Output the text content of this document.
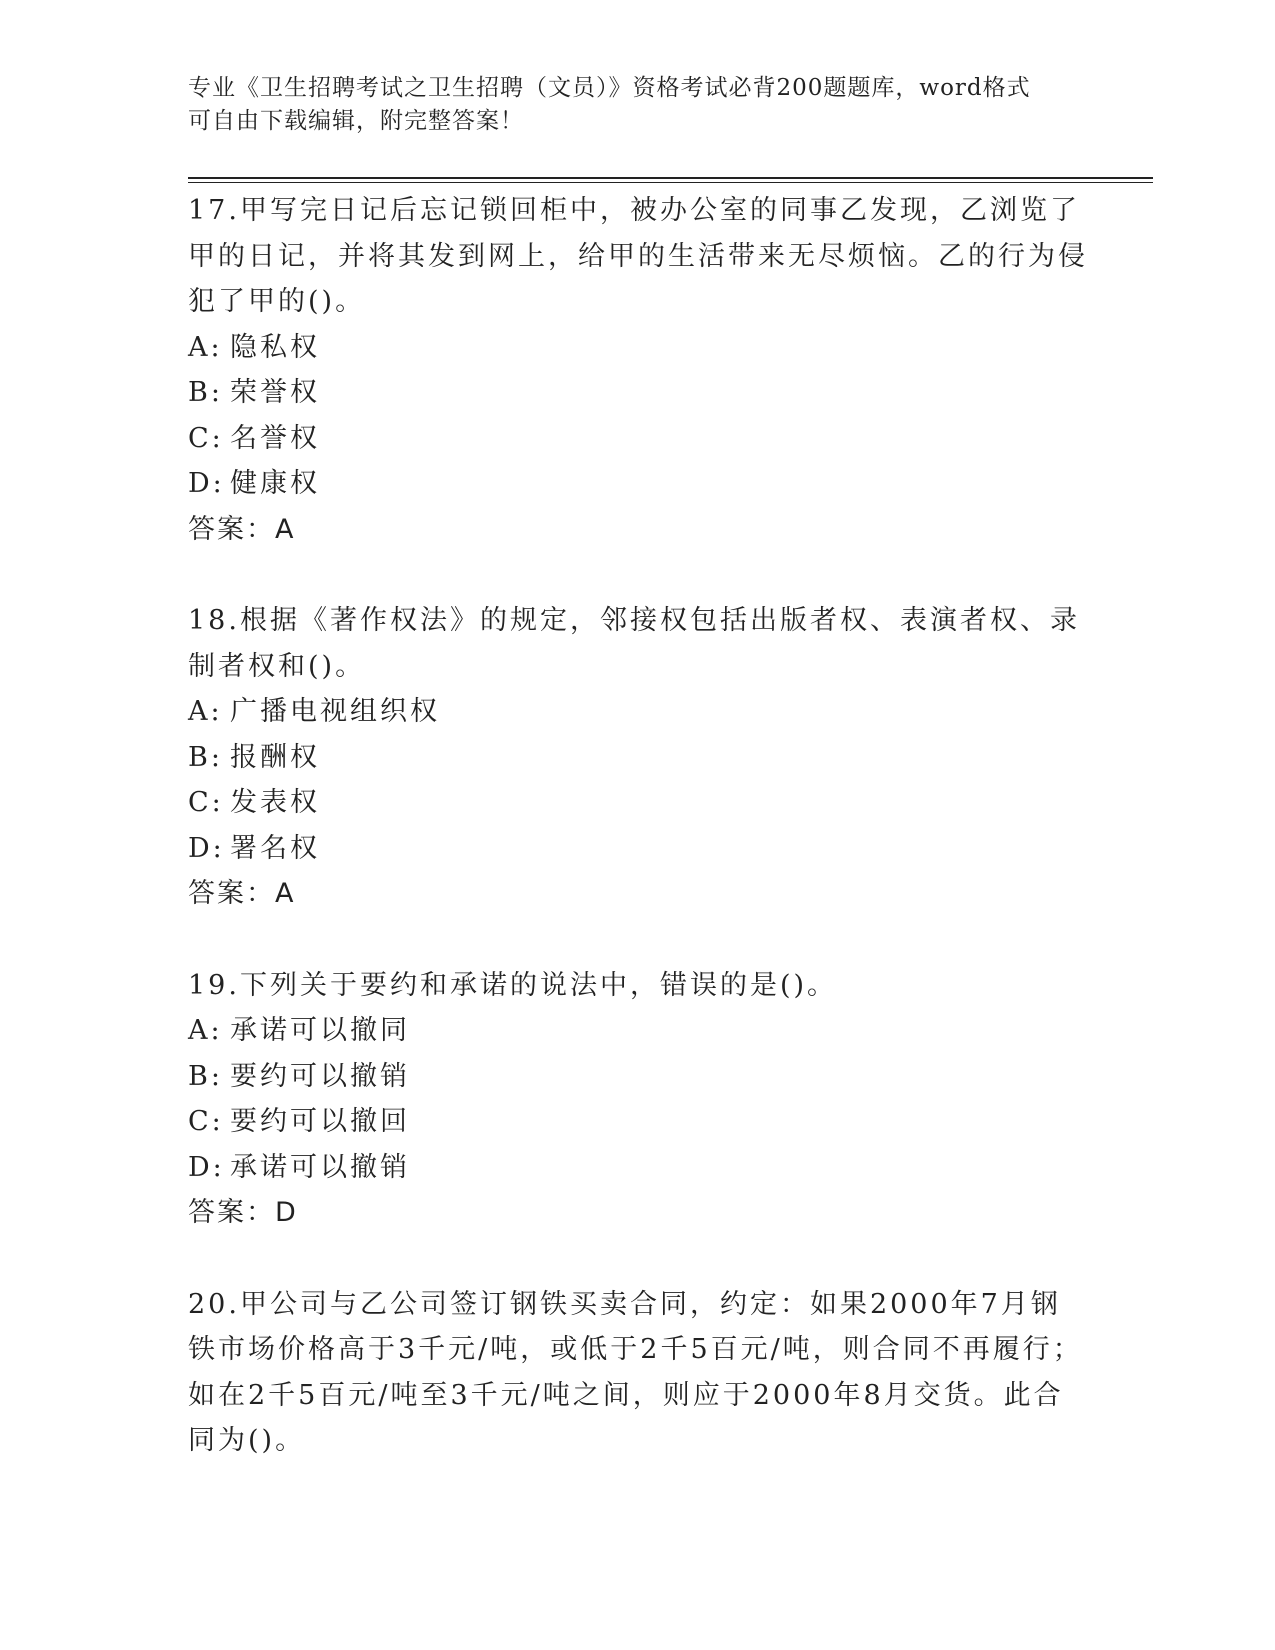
专业《卫生招聘考试之卫生招聘（文员）》资格考试必背200题题库，word格式
可自由下载编辑，附完整答案！

17.甲写完日记后忘记锁回柜中，被办公室的同事乙发现，乙浏览了甲的日记，并将其发到网上，给甲的生活带来无尽烦恼。乙的行为侵犯了甲的()。

A: 隐私权
B: 荣誉权
C: 名誉权
D: 健康权

答案：A

18.根据《著作权法》的规定，邻接权包括出版者权、表演者权、录制者权和()。

A: 广播电视组织权
B: 报酬权
C: 发表权
D: 署名权

答案：A

19.下列关于要约和承诺的说法中，错误的是()。

A: 承诺可以撤同
B: 要约可以撤销
C: 要约可以撤回
D: 承诺可以撤销

答案：D

20.甲公司与乙公司签订钢铁买卖合同，约定：如果2000年7月钢铁市场价格高于3千元/吨，或低于2千5百元/吨，则合同不再履行；如在2千5百元/吨至3千元/吨之间，则应于2000年8月交货。此合同为()。
